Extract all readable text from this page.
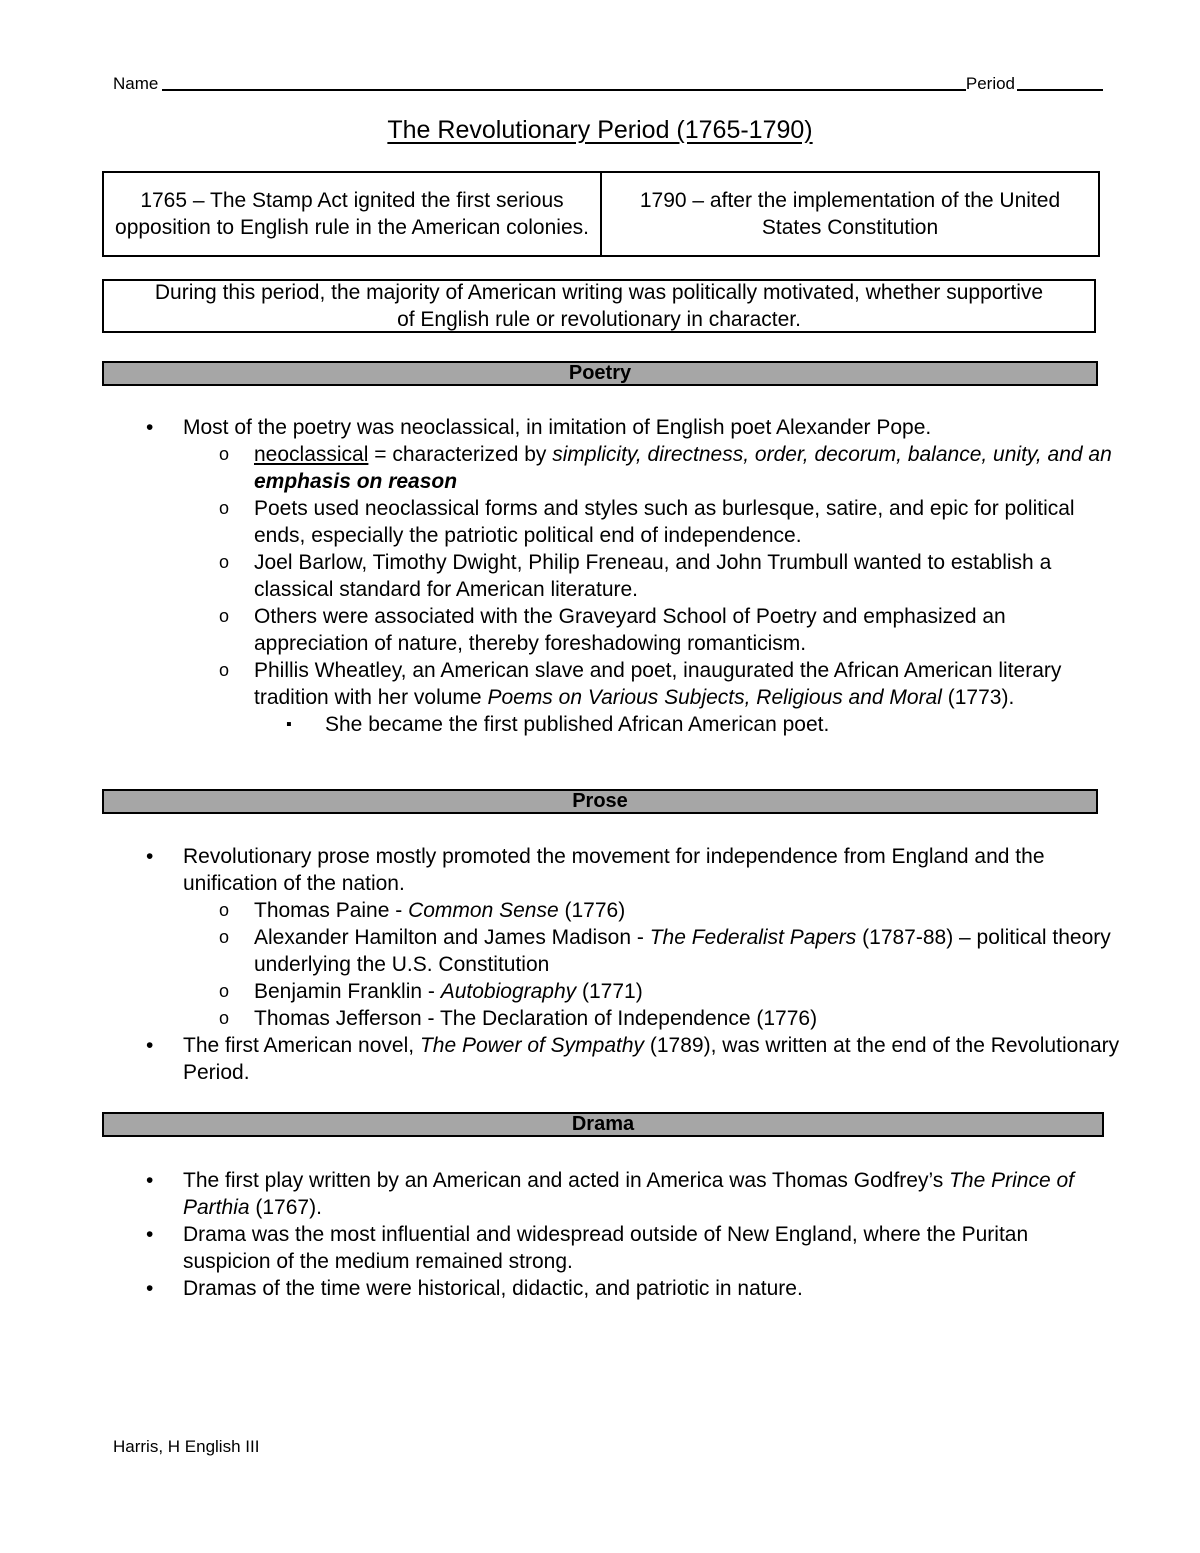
Name	Period
The Revolutionary Period (1765-1790)
1765 – The Stamp Act ignited the first serious opposition to English rule in the American colonies.
1790 – after the implementation of the United States Constitution
During this period, the majority of American writing was politically motivated, whether supportive of English rule or revolutionary in character.
Poetry
• Most of the poetry was neoclassical, in imitation of English poet Alexander Pope.
o neoclassical = characterized by simplicity, directness, order, decorum, balance, unity, and an emphasis on reason
o Poets used neoclassical forms and styles such as burlesque, satire, and epic for political ends, especially the patriotic political end of independence.
o Joel Barlow, Timothy Dwight, Philip Freneau, and John Trumbull wanted to establish a classical standard for American literature.
o Others were associated with the Graveyard School of Poetry and emphasized an appreciation of nature, thereby foreshadowing romanticism.
o Phillis Wheatley, an American slave and poet, inaugurated the African American literary tradition with her volume Poems on Various Subjects, Religious and Moral (1773).
▪ She became the first published African American poet.
Prose
• Revolutionary prose mostly promoted the movement for independence from England and the unification of the nation.
o Thomas Paine - Common Sense (1776)
o Alexander Hamilton and James Madison - The Federalist Papers (1787-88) – political theory underlying the U.S. Constitution
o Benjamin Franklin - Autobiography (1771)
o Thomas Jefferson - The Declaration of Independence (1776)
• The first American novel, The Power of Sympathy (1789), was written at the end of the Revolutionary Period.
Drama
• The first play written by an American and acted in America was Thomas Godfrey’s The Prince of Parthia (1767).
• Drama was the most influential and widespread outside of New England, where the Puritan suspicion of the medium remained strong.
• Dramas of the time were historical, didactic, and patriotic in nature.
Harris, H English III
